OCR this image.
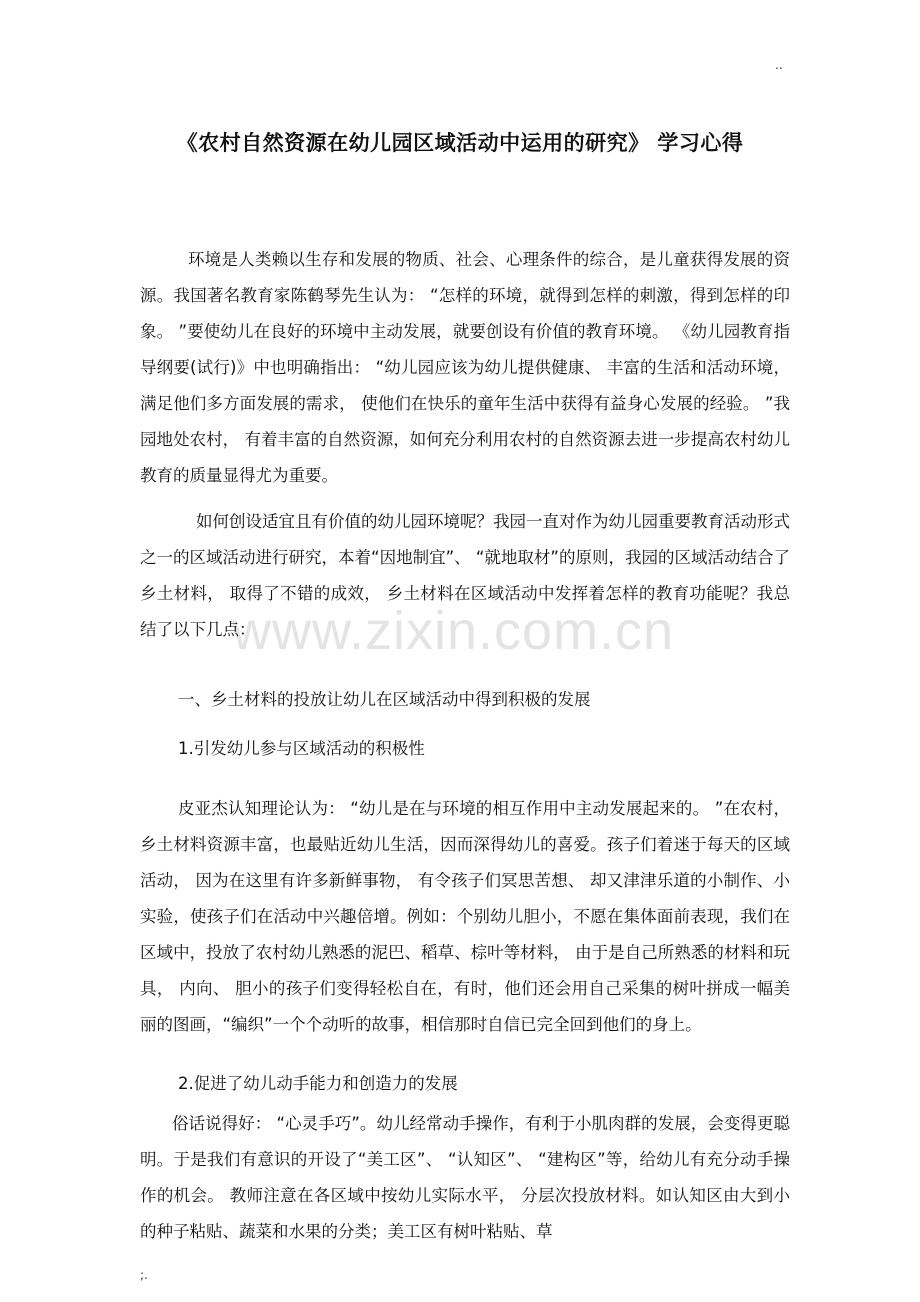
..
《农村自然资源在幼儿园区域活动中运用的研究》 学习心得
www.zixin.com.cn

环境是人类赖以生存和发展的物质、社会、心理条件的综合，是儿童获得发展的资源。我国著名教育家陈鹤琴先生认为： “怎样的环境，就得到怎样的刺激，得到怎样的印象。 ”要使幼儿在良好的环境中主动发展，就要创设有价值的教育环境。 《幼儿园教育指导纲要(试行)》中也明确指出： “幼儿园应该为幼儿提供健康、 丰富的生活和活动环境， 满足他们多方面发展的需求， 使他们在快乐的童年生活中获得有益身心发展的经验。 ”我园地处农村， 有着丰富的自然资源，如何充分利用农村的自然资源去进一步提高农村幼儿教育的质量显得尤为重要。

如何创设适宜且有价值的幼儿园环境呢？我园一直对作为幼儿园重要教育活动形式之一的区域活动进行研究，本着“因地制宜”、 “就地取材”的原则，我园的区域活动结合了乡土材料， 取得了不错的成效， 乡土材料在区域活动中发挥着怎样的教育功能呢？我总结了以下几点：

一、乡土材料的投放让幼儿在区域活动中得到积极的发展

1.引发幼儿参与区域活动的积极性

皮亚杰认知理论认为： “幼儿是在与环境的相互作用中主动发展起来的。 ”在农村，乡土材料资源丰富，也最贴近幼儿生活，因而深得幼儿的喜爱。孩子们着迷于每天的区域活动， 因为在这里有许多新鲜事物， 有令孩子们冥思苦想、 却又津津乐道的小制作、小实验，使孩子们在活动中兴趣倍增。例如：个别幼儿胆小，不愿在集体面前表现，我们在区域中，投放了农村幼儿熟悉的泥巴、稻草、棕叶等材料， 由于是自己所熟悉的材料和玩具， 内向、 胆小的孩子们变得轻松自在，有时，他们还会用自己采集的树叶拼成一幅美丽的图画，“编织”一个个动听的故事，相信那时自信已完全回到他们的身上。

2.促进了幼儿动手能力和创造力的发展

俗话说得好： “心灵手巧”。幼儿经常动手操作，有利于小肌肉群的发展，会变得更聪明。于是我们有意识的开设了“美工区”、 “认知区”、 “建构区”等，给幼儿有充分动手操作的机会。 教师注意在各区域中按幼儿实际水平， 分层次投放材料。如认知区由大到小的种子粘贴、蔬菜和水果的分类；美工区有树叶粘贴、草

;.
